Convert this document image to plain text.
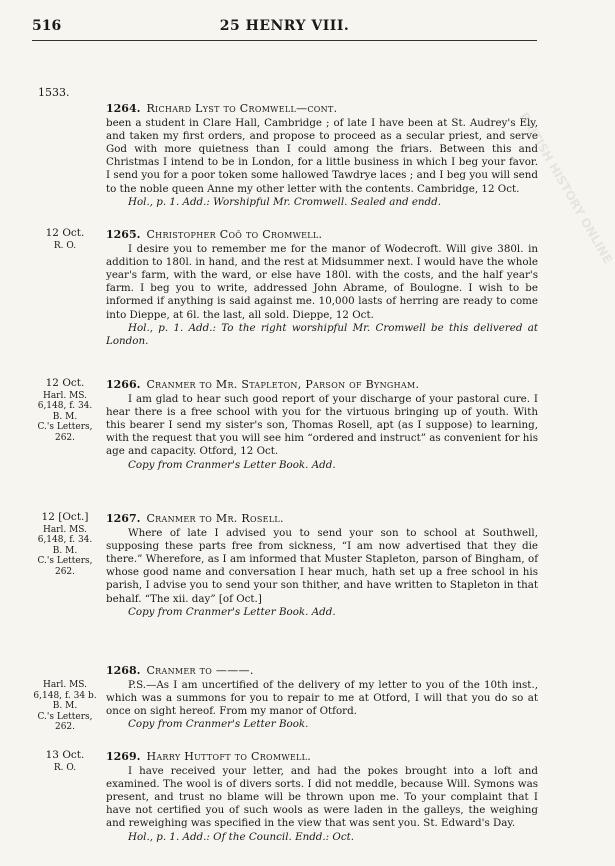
516	25 HENRY VIII.
1533.
1264. Richard Lyst to Cromwell—cont.

been a student in Clare Hall, Cambridge ; of late I have been at St. Audrey's Ely, and taken my first orders, and propose to proceed as a secular priest, and serve God with more quietness than I could among the friars. Between this and Christmas I intend to be in London, for a little business in which I beg your favor. I send you for a poor token some hallowed Tawdrye laces ; and I beg you will send to the noble queen Anne my other letter with the contents. Cambridge, 12 Oct.

Hol., p. 1. Add.: Worshipful Mr. Cromwell. Sealed and endd.

12 Oct.
R. O.
1265. Christopher Coō to Cromwell.

I desire you to remember me for the manor of Wodecroft. Will give 380l. in addition to 180l. in hand, and the rest at Midsummer next. I would have the whole year's farm, with the ward, or else have 180l. with the costs, and the half year's farm. I beg you to write, addressed John Abrame, of Boulogne. I wish to be informed if anything is said against me. 10,000 lasts of herring are ready to come into Dieppe, at 6l. the last, all sold. Dieppe, 12 Oct.

Hol., p. 1. Add.: To the right worshipful Mr. Cromwell be this delivered at London.

12 Oct.
Harl. MS.
6,148, f. 34.
B. M.
C.'s Letters,
262.
1266. Cranmer to Mr. Stapleton, Parson of Byngham.

I am glad to hear such good report of your discharge of your pastoral cure. I hear there is a free school with you for the virtuous bringing up of youth. With this bearer I send my sister's son, Thomas Rosell, apt (as I suppose) to learning, with the request that you will see him “ordered and instruct” as convenient for his age and capacity. Otford, 12 Oct.

Copy from Cranmer's Letter Book. Add.

12 [Oct.]
Harl. MS.
6,148, f. 34.
B. M.
C.'s Letters,
262.
1267. Cranmer to Mr. Rosell.

Where of late I advised you to send your son to school at Southwell, supposing these parts free from sickness, “I am now advertised that they die there.” Wherefore, as I am informed that Muster Stapleton, parson of Bingham, of whose good name and conversation I hear much, hath set up a free school in his parish, I advise you to send your son thither, and have written to Stapleton in that behalf. “The xii. day” [of Oct.]

Copy from Cranmer's Letter Book. Add.

Harl. MS.
6,148, f. 34 b.
B. M.
C.'s Letters,
262.
1268. Cranmer to ———.

P.S.—As I am uncertified of the delivery of my letter to you of the 10th inst., which was a summons for you to repair to me at Otford, I will that you do so at once on sight hereof. From my manor of Otford.

Copy from Cranmer's Letter Book.

13 Oct.
R. O.
1269. Harry Huttoft to Cromwell.

I have received your letter, and had the pokes brought into a loft and examined. The wool is of divers sorts. I did not meddle, because Will. Symons was present, and trust no blame will be thrown upon me. To your complaint that I have not certified you of such wools as were laden in the galleys, the weighing and reweighing was specified in the view that was sent you. St. Edward's Day.

Hol., p. 1. Add.: Of the Council. Endd.: Oct.

BRITISH HISTORY ONLINE
